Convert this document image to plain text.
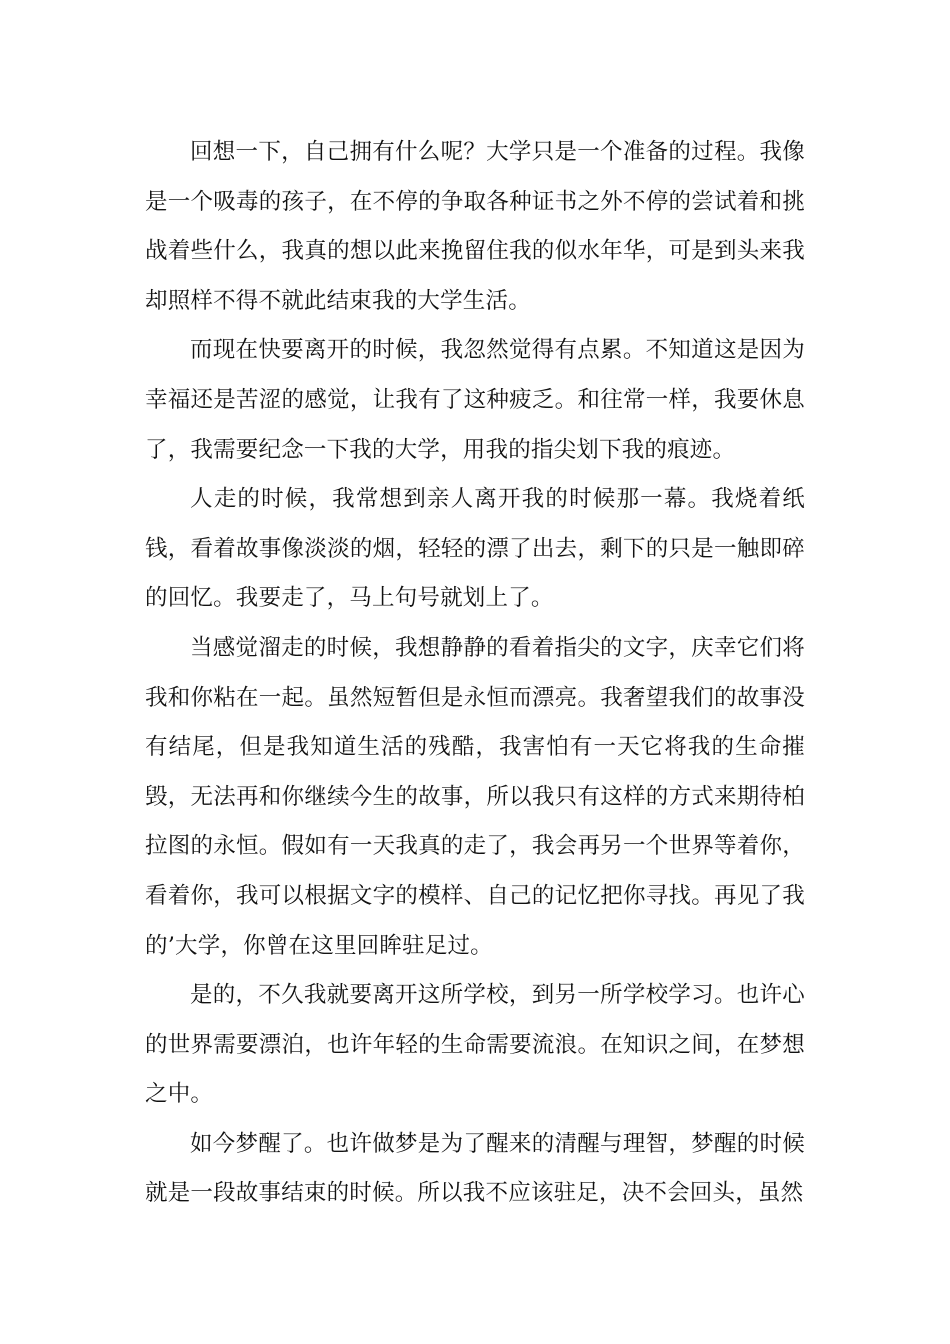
回想一下，自己拥有什么呢？大学只是一个准备的过程。我像是一个吸毒的孩子，在不停的争取各种证书之外不停的尝试着和挑战着些什么，我真的想以此来挽留住我的似水年华，可是到头来我却照样不得不就此结束我的大学生活。

而现在快要离开的时候，我忽然觉得有点累。不知道这是因为幸福还是苦涩的感觉，让我有了这种疲乏。和往常一样，我要休息了，我需要纪念一下我的大学，用我的指尖划下我的痕迹。

人走的时候，我常想到亲人离开我的时候那一幕。我烧着纸钱，看着故事像淡淡的烟，轻轻的漂了出去，剩下的只是一触即碎的回忆。我要走了，马上句号就划上了。

当感觉溜走的时候，我想静静的看着指尖的文字，庆幸它们将我和你粘在一起。虽然短暂但是永恒而漂亮。我奢望我们的故事没有结尾，但是我知道生活的残酷，我害怕有一天它将我的生命摧毁，无法再和你继续今生的故事，所以我只有这样的方式来期待柏拉图的永恒。假如有一天我真的走了，我会再另一个世界等着你，看着你，我可以根据文字的模样、自己的记忆把你寻找。再见了我的’大学，你曾在这里回眸驻足过。

是的，不久我就要离开这所学校，到另一所学校学习。也许心的世界需要漂泊，也许年轻的生命需要流浪。在知识之间，在梦想之中。

如今梦醒了。也许做梦是为了醒来的清醒与理智，梦醒的时候就是一段故事结束的时候。所以我不应该驻足，决不会回头，虽然
